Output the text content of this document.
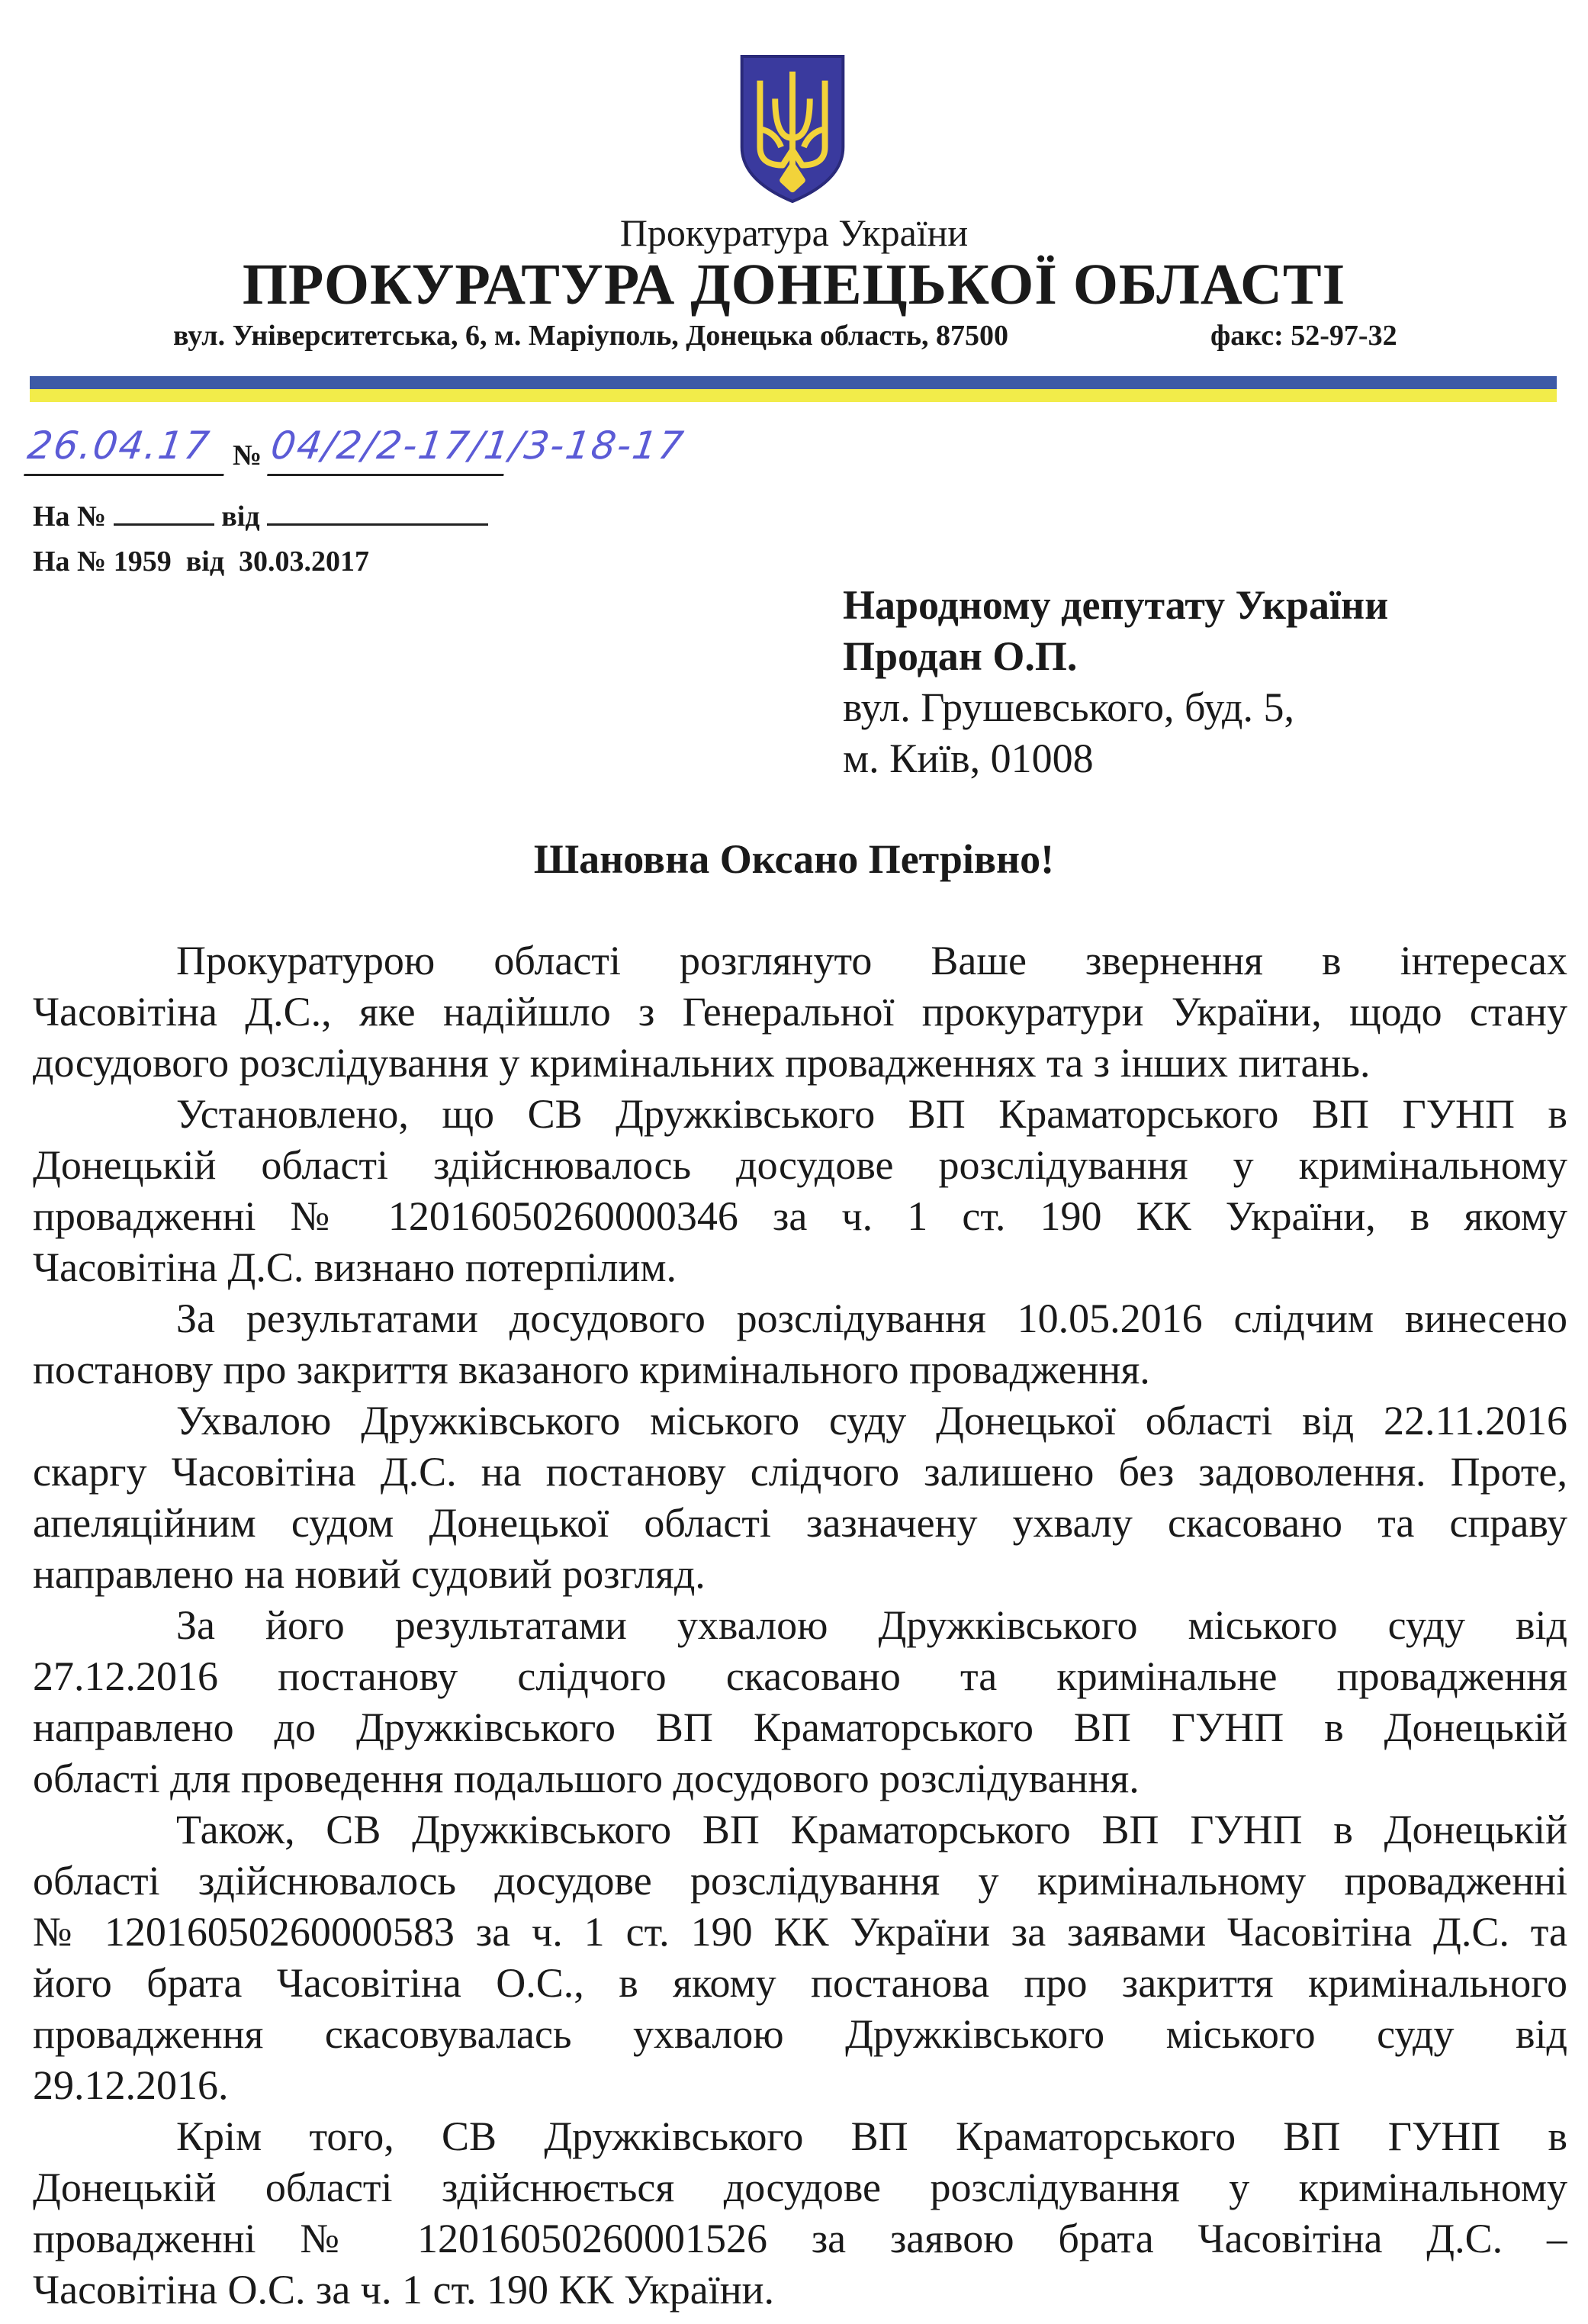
Прокуратура України
ПРОКУРАТУРА ДОНЕЦЬКОЇ ОБЛАСТІ
вул. Університетська, 6, м. Маріуполь, Донецька область, 87500	факс: 52-97-32
26.04.17 № 04/2/2-17/1/3-18-17
На №	від
На № 1959  від  30.03.2017
Народному депутату України
Продан О.П.
вул. Грушевського, буд. 5,
м. Київ, 01008
Шановна Оксано Петрівно!
Прокуратурою області розглянуто Ваше звернення в інтересах
Часовітіна Д.С., яке надійшло з Генеральної прокуратури України, щодо стану
досудового розслідування у кримінальних провадженнях та з інших питань.
Установлено, що СВ Дружківського ВП Краматорського ВП ГУНП в
Донецькій області здійснювалось досудове розслідування у кримінальному
провадженні № 12016050260000346 за ч. 1 ст. 190 КК України, в якому
Часовітіна Д.С. визнано потерпілим.
За результатами досудового розслідування 10.05.2016 слідчим винесено
постанову про закриття вказаного кримінального провадження.
Ухвалою Дружківського міського суду Донецької області від 22.11.2016
скаргу Часовітіна Д.С. на постанову слідчого залишено без задоволення. Проте,
апеляційним судом Донецької області зазначену ухвалу скасовано та справу
направлено на новий судовий розгляд.
За його результатами ухвалою Дружківського міського суду від
27.12.2016 постанову слідчого скасовано та кримінальне провадження
направлено до Дружківського ВП Краматорського ВП ГУНП в Донецькій
області для проведення подальшого досудового розслідування.
Також, СВ Дружківського ВП Краматорського ВП ГУНП в Донецькій
області здійснювалось досудове розслідування у кримінальному провадженні
№ 12016050260000583 за ч. 1 ст. 190 КК України за заявами Часовітіна Д.С. та
його брата Часовітіна О.С., в якому постанова про закриття кримінального
провадження скасовувалась ухвалою Дружківського міського суду від
29.12.2016.
Крім того, СВ Дружківського ВП Краматорського ВП ГУНП в
Донецькій області здійснюється досудове розслідування у кримінальному
провадженні № 12016050260001526 за заявою брата Часовітіна Д.С. –
Часовітіна О.С. за ч. 1 ст. 190 КК України.
